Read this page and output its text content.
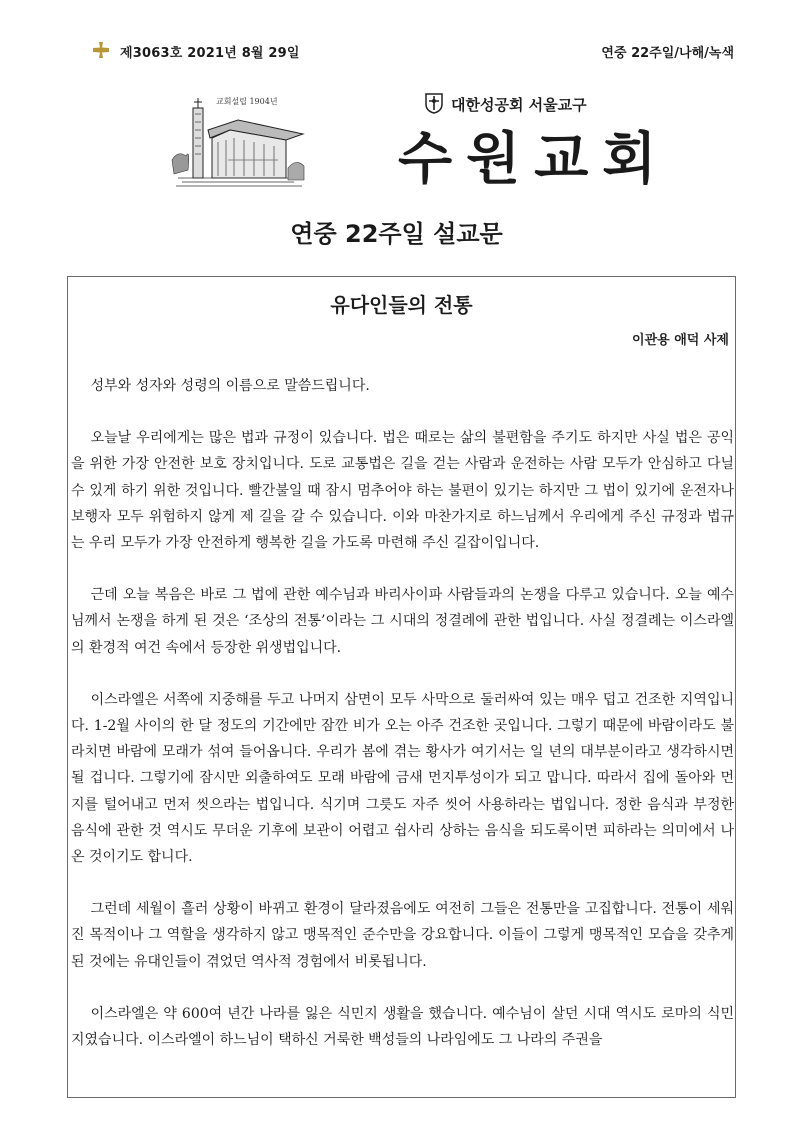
제3063호 2021년 8월 29일	연중 22주일/나해/녹색
교회설립 1904년	대한성공회 서울교구
수원교회
연중 22주일 설교문
유다인들의 전통
이관용 애덕 사제

성부와 성자와 성령의 이름으로 말씀드립니다.

오늘날 우리에게는 많은 법과 규정이 있습니다. 법은 때로는 삶의 불편함을 주기도 하지만 사실 법은 공익을 위한 가장 안전한 보호 장치입니다. 도로 교통법은 길을 걷는 사람과 운전하는 사람 모두가 안심하고 다닐 수 있게 하기 위한 것입니다. 빨간불일 때 잠시 멈추어야 하는 불편이 있기는 하지만 그 법이 있기에 운전자나 보행자 모두 위험하지 않게 제 길을 갈 수 있습니다. 이와 마찬가지로 하느님께서 우리에게 주신 규정과 법규는 우리 모두가 가장 안전하게 행복한 길을 가도록 마련해 주신 길잡이입니다.

근데 오늘 복음은 바로 그 법에 관한 예수님과 바리사이파 사람들과의 논쟁을 다루고 있습니다. 오늘 예수님께서 논쟁을 하게 된 것은 ‘조상의 전통’이라는 그 시대의 정결례에 관한 법입니다. 사실 정결례는 이스라엘의 환경적 여건 속에서 등장한 위생법입니다.

이스라엘은 서쪽에 지중해를 두고 나머지 삼면이 모두 사막으로 둘러싸여 있는 매우 덥고 건조한 지역입니다. 1-2월 사이의 한 달 정도의 기간에만 잠깐 비가 오는 아주 건조한 곳입니다. 그렇기 때문에 바람이라도 불라치면 바람에 모래가 섞여 들어옵니다. 우리가 봄에 겪는 황사가 여기서는 일 년의 대부분이라고 생각하시면 될 겁니다. 그렇기에 잠시만 외출하여도 모래 바람에 금새 먼지투성이가 되고 맙니다. 따라서 집에 돌아와 먼지를 털어내고 먼저 씻으라는 법입니다. 식기며 그릇도 자주 씻어 사용하라는 법입니다. 정한 음식과 부정한 음식에 관한 것 역시도 무더운 기후에 보관이 어렵고 쉽사리 상하는 음식을 되도록이면 피하라는 의미에서 나온 것이기도 합니다.

그런데 세월이 흘러 상황이 바뀌고 환경이 달라졌음에도 여전히 그들은 전통만을 고집합니다. 전통이 세워진 목적이나 그 역할을 생각하지 않고 맹목적인 준수만을 강요합니다. 이들이 그렇게 맹목적인 모습을 갖추게 된 것에는 유대인들이 겪었던 역사적 경험에서 비롯됩니다.

이스라엘은 약 600여 년간 나라를 잃은 식민지 생활을 했습니다. 예수님이 살던 시대 역시도 로마의 식민지였습니다. 이스라엘이 하느님이 택하신 거룩한 백성들의 나라임에도 그 나라의 주권을
